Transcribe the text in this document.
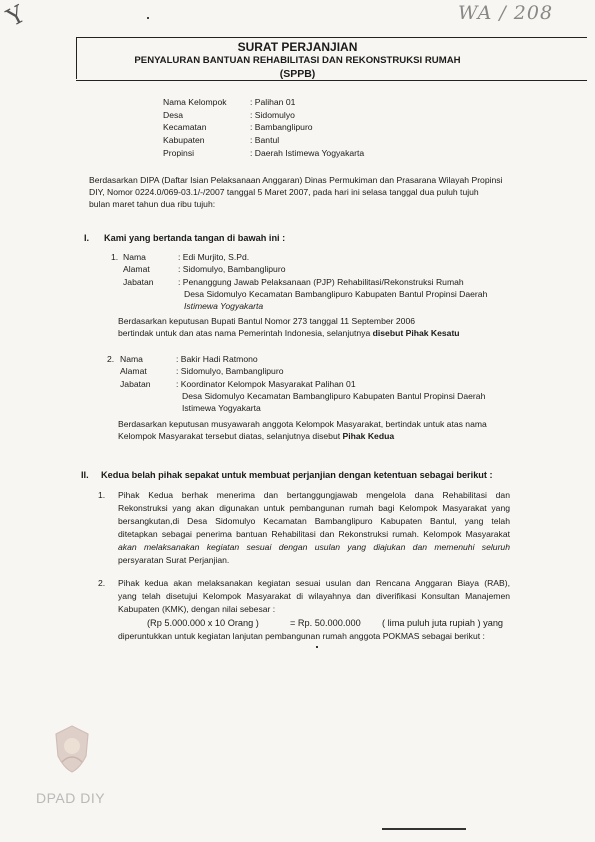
Y	WA / 208
SURAT PERJANJIAN
PENYALURAN BANTUAN REHABILITASI DAN REKONSTRUKSI RUMAH
(SPPB)
Nama Kelompok	: Palihan 01
Desa	: Sidomulyo
Kecamatan	: Bambanglipuro
Kabupaten	: Bantul
Propinsi	: Daerah Istimewa Yogyakarta
Berdasarkan DIPA (Daftar Isian Pelaksanaan Anggaran) Dinas Permukiman dan Prasarana Wilayah Propinsi
DIY, Nomor 0224.0/069-03.1/-/2007 tanggal 5 Maret 2007, pada hari ini selasa tanggal dua puluh tujuh
bulan maret tahun dua ribu tujuh:
I. Kami yang bertanda tangan di bawah ini :
1. Nama	: Edi Murjito, S.Pd.
Alamat	: Sidomulyo, Bambanglipuro
Jabatan	: Penanggung Jawab Pelaksanaan (PJP) Rehabilitasi/Rekonstruksi Rumah
Desa Sidomulyo Kecamatan Bambanglipuro Kabupaten Bantul Propinsi Daerah
Istimewa Yogyakarta
Berdasarkan keputusan Bupati Bantul Nomor 273 tanggal 11 September 2006
bertindak untuk dan atas nama Pemerintah Indonesia, selanjutnya disebut Pihak Kesatu
2. Nama	: Bakir Hadi Ratmono
Alamat	: Sidomulyo, Bambanglipuro
Jabatan	: Koordinator Kelompok Masyarakat Palihan 01
Desa Sidomulyo Kecamatan Bambanglipuro Kabupaten Bantul Propinsi Daerah
Istimewa Yogyakarta
Berdasarkan keputusan musyawarah anggota Kelompok Masyarakat, bertindak untuk atas nama
Kelompok Masyarakat tersebut diatas, selanjutnya disebut Pihak Kedua
II. Kedua belah pihak sepakat untuk membuat perjanjian dengan ketentuan sebagai berikut :
1. Pihak Kedua berhak menerima dan bertanggungjawab mengelola dana Rehabilitasi dan
Rekonstruksi yang akan digunakan untuk pembangunan rumah bagi Kelompok Masyarakat yang
bersangkutan,di Desa Sidomulyo Kecamatan Bambanglipuro Kabupaten Bantul, yang telah
ditetapkan sebagai penerima bantuan Rehabilitasi dan Rekonstruksi rumah. Kelompok Masyarakat
akan melaksanakan kegiatan sesuai dengan usulan yang diajukan dan memenuhi seluruh
persyaratan Surat Perjanjian.
2. Pihak kedua akan melaksanakan kegiatan sesuai usulan dan Rencana Anggaran Biaya (RAB),
yang telah disetujui Kelompok Masyarakat di wilayahnya dan diverifikasi Konsultan Manajemen
Kabupaten (KMK), dengan nilai sebesar :
(Rp 5.000.000 x 10 Orang )	= Rp. 50.000.000 ( lima puluh juta rupiah ) yang
diperuntukkan untuk kegiatan lanjutan pembangunan rumah anggota POKMAS sebagai berikut :
DPAD DIY
